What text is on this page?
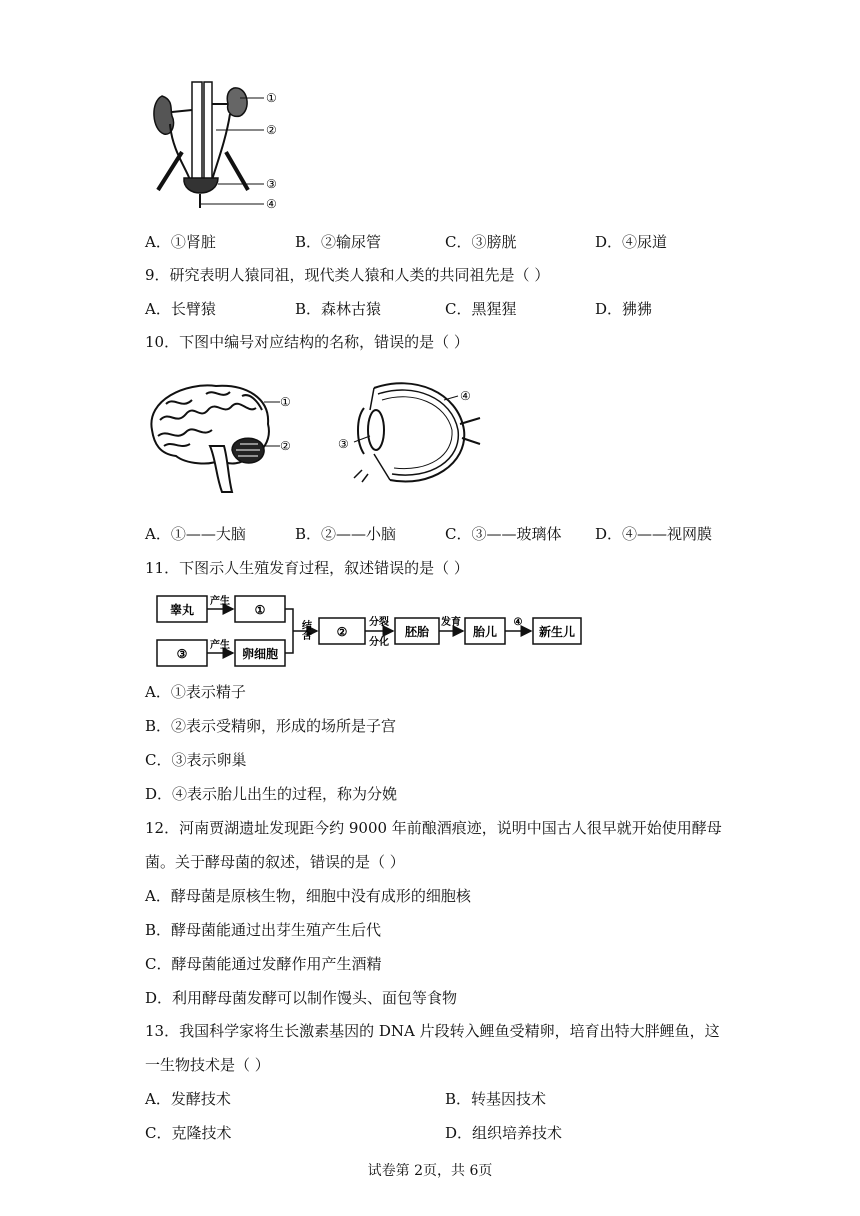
①
②
③
④
A．①肾脏	B．②输尿管	C．③膀胱	D．④尿道
9．研究表明人猿同祖，现代类人猿和人类的共同祖先是（ ）
A．长臂猿	B．森林古猿	C．黑猩猩	D．狒狒
10．下图中编号对应结构的名称，错误的是（ ）
①
②
④
③
A．①——大脑	B．②——小脑	C．③——玻璃体 D．④——视网膜
11．下图示人生殖发育过程，叙述错误的是（ ）
睾丸	①
③	卵细胞
②	胚胎	胎儿	新生儿
产生
产生
分裂
分化
发育	④
结合
A．①表示精子
B．②表示受精卵，形成的场所是子宫
C．③表示卵巢
D．④表示胎儿出生的过程，称为分娩
12．河南贾湖遗址发现距今约 9000 年前酿酒痕迹，说明中国古人很早就开始使用酵母
菌。关于酵母菌的叙述，错误的是（ ）
A．酵母菌是原核生物，细胞中没有成形的细胞核
B．酵母菌能通过出芽生殖产生后代
C．酵母菌能通过发酵作用产生酒精
D．利用酵母菌发酵可以制作馒头、面包等食物
13．我国科学家将生长激素基因的 DNA 片段转入鲤鱼受精卵，培育出特大胖鲤鱼，这
一生物技术是（ ）
A．发酵技术	B．转基因技术
C．克隆技术	D．组织培养技术
试卷第 2页，共 6页
